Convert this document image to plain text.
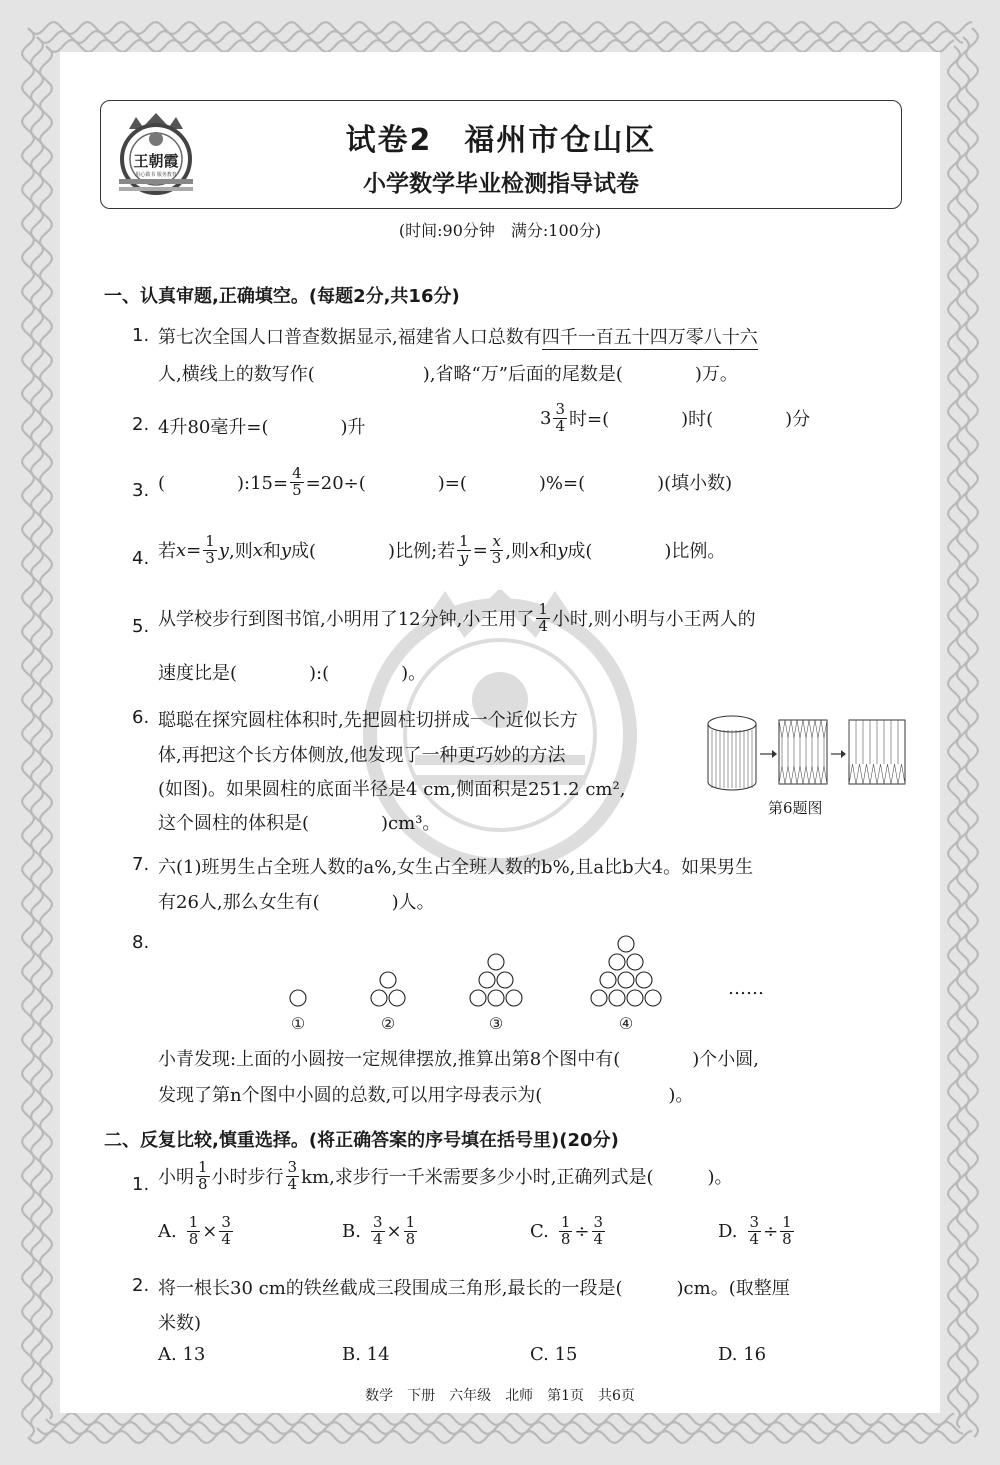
王朝霞
用心做书 服务教育
试卷2　福州市仓山区
小学数学毕业检测指导试卷
(时间:90分钟　满分:100分)
一、认真审题,正确填空。(每题2分,共16分)
1. 第七次全国人口普查数据显示,福建省人口总数有四千一百五十四万零八十六
人,横线上的数写作(　　　　　　),省略“万”后面的尾数是(　　　　)万。
2. 4升80毫升=(　　　　)升	$3 \frac{3}{4}$ 时=(　　　　)时(　　　　)分
3. (　　　　):15= $\frac{4}{5} =20\div$(　　　　)=(　　　　)%=(　　　　)(填小数)
4. 若 $x = \frac{1}{3}$ y ,则 x 和 y 成(　　　　)比例;若 $\frac{1}{y} = \frac{x}{3}$ ,则 x 和 y 成(　　　　)比例。
5. 从学校步行到图书馆,小明用了12分钟,小王用了 $\frac{1}{4}$ 小时,则小明与小王两人的
速度比是(　　　　):(　　　　)。
6. 聪聪在探究圆柱体积时,先把圆柱切拼成一个近似长方
体,再把这个长方体侧放,他发现了一种更巧妙的方法
(如图)。如果圆柱的底面半径是4 cm,侧面积是251.2 cm²,
这个圆柱的体积是(　　　　)cm³。
第6题图
7. 六(1)班男生占全班人数的a%,女生占全班人数的b%,且a比b大4。如果男生
有26人,那么女生有(　　　　)人。
8.
①	②	③	④
……
小青发现:上面的小圆按一定规律摆放,推算出第8个图中有(　　　　)个小圆,
发现了第n个图中小圆的总数,可以用字母表示为(　　　　　　　)。
二、反复比较,慎重选择。(将正确答案的序号填在括号里)(20分)
1. 小明 $\frac{1}{8}$ 小时步行 $\frac{3}{4}$ km,求步行一千米需要多少小时,正确列式是(　　　)。
A. $\frac{1}{8} \times \frac{3}{4}$	B. $\frac{3}{4} \times \frac{1}{8}$	C. $\frac{1}{8} \div \frac{3}{4}$	D. $\frac{3}{4} \div \frac{1}{8}$
2. 将一根长30 cm的铁丝截成三段围成三角形,最长的一段是(　　　)cm。(取整厘
米数)
A. 13	B. 14	C. 15	D. 16
数学　下册　六年级　北师　第1页　共6页
